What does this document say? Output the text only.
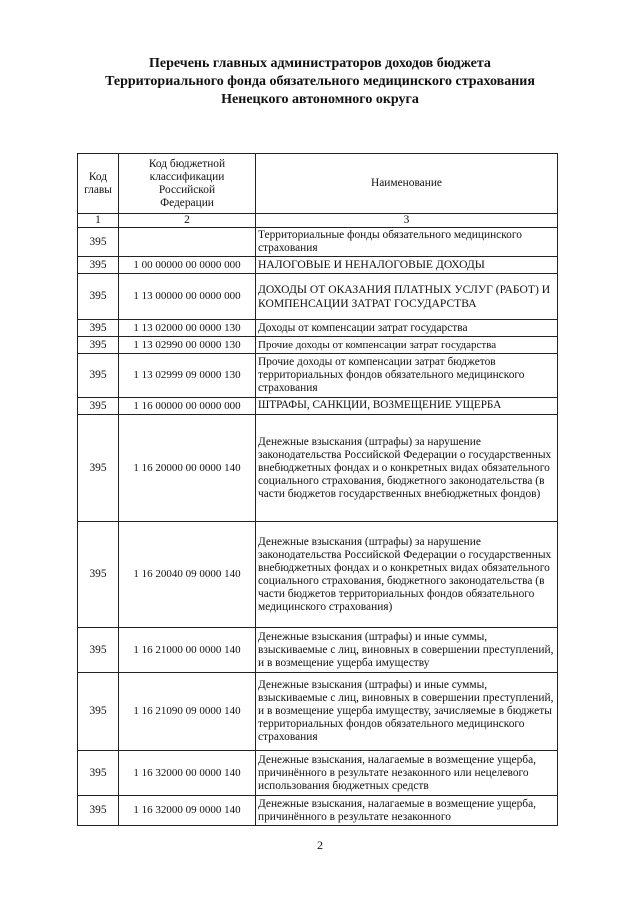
Перечень главных администраторов доходов бюджета
Территориального фонда обязательного медицинского страхования
Ненецкого автономного округа
Код главы	Код бюджетной классификации Российской Федерации	Наименование
1	2	3
395		Территориальные фонды обязательного медицинского страхования
395	1 00 00000 00 0000 000	НАЛОГОВЫЕ И НЕНАЛОГОВЫЕ ДОХОДЫ
395	1 13 00000 00 0000 000	ДОХОДЫ ОТ ОКАЗАНИЯ ПЛАТНЫХ УСЛУГ (РАБОТ) И КОМПЕНСАЦИИ ЗАТРАТ ГОСУДАРСТВА
395	1 13 02000 00 0000 130	Доходы от компенсации затрат государства
395	1 13 02990 00 0000 130	Прочие доходы от компенсации затрат государства
395	1 13 02999 09 0000 130	Прочие доходы от компенсации затрат бюджетов территориальных фондов обязательного медицинского страхования
395	1 16 00000 00 0000 000	ШТРАФЫ, САНКЦИИ, ВОЗМЕЩЕНИЕ УЩЕРБА
395	1 16 20000 00 0000 140	Денежные взыскания (штрафы) за нарушение законодательства Российской Федерации о государственных внебюджетных фондах и о конкретных видах обязательного социального страхования, бюджетного законодательства (в части бюджетов государственных внебюджетных фондов)
395	1 16 20040 09 0000 140	Денежные взыскания (штрафы) за нарушение законодательства Российской Федерации о государственных внебюджетных фондах и о конкретных видах обязательного социального страхования, бюджетного законодательства (в части бюджетов территориальных фондов обязательного медицинского страхования)
395	1 16 21000 00 0000 140	Денежные взыскания (штрафы) и иные суммы, взыскиваемые с лиц, виновных в совершении преступлений, и в возмещение ущерба имуществу
395	1 16 21090 09 0000 140	Денежные взыскания (штрафы) и иные суммы, взыскиваемые с лиц, виновных в совершении преступлений, и в возмещение ущерба имуществу, зачисляемые в бюджеты территориальных фондов обязательного медицинского страхования
395	1 16 32000 00 0000 140	Денежные взыскания, налагаемые в возмещение ущерба, причинённого в результате незаконного или нецелевого использования бюджетных средств
395	1 16 32000 09 0000 140	Денежные взыскания, налагаемые в возмещение ущерба, причинённого в результате незаконного
2
